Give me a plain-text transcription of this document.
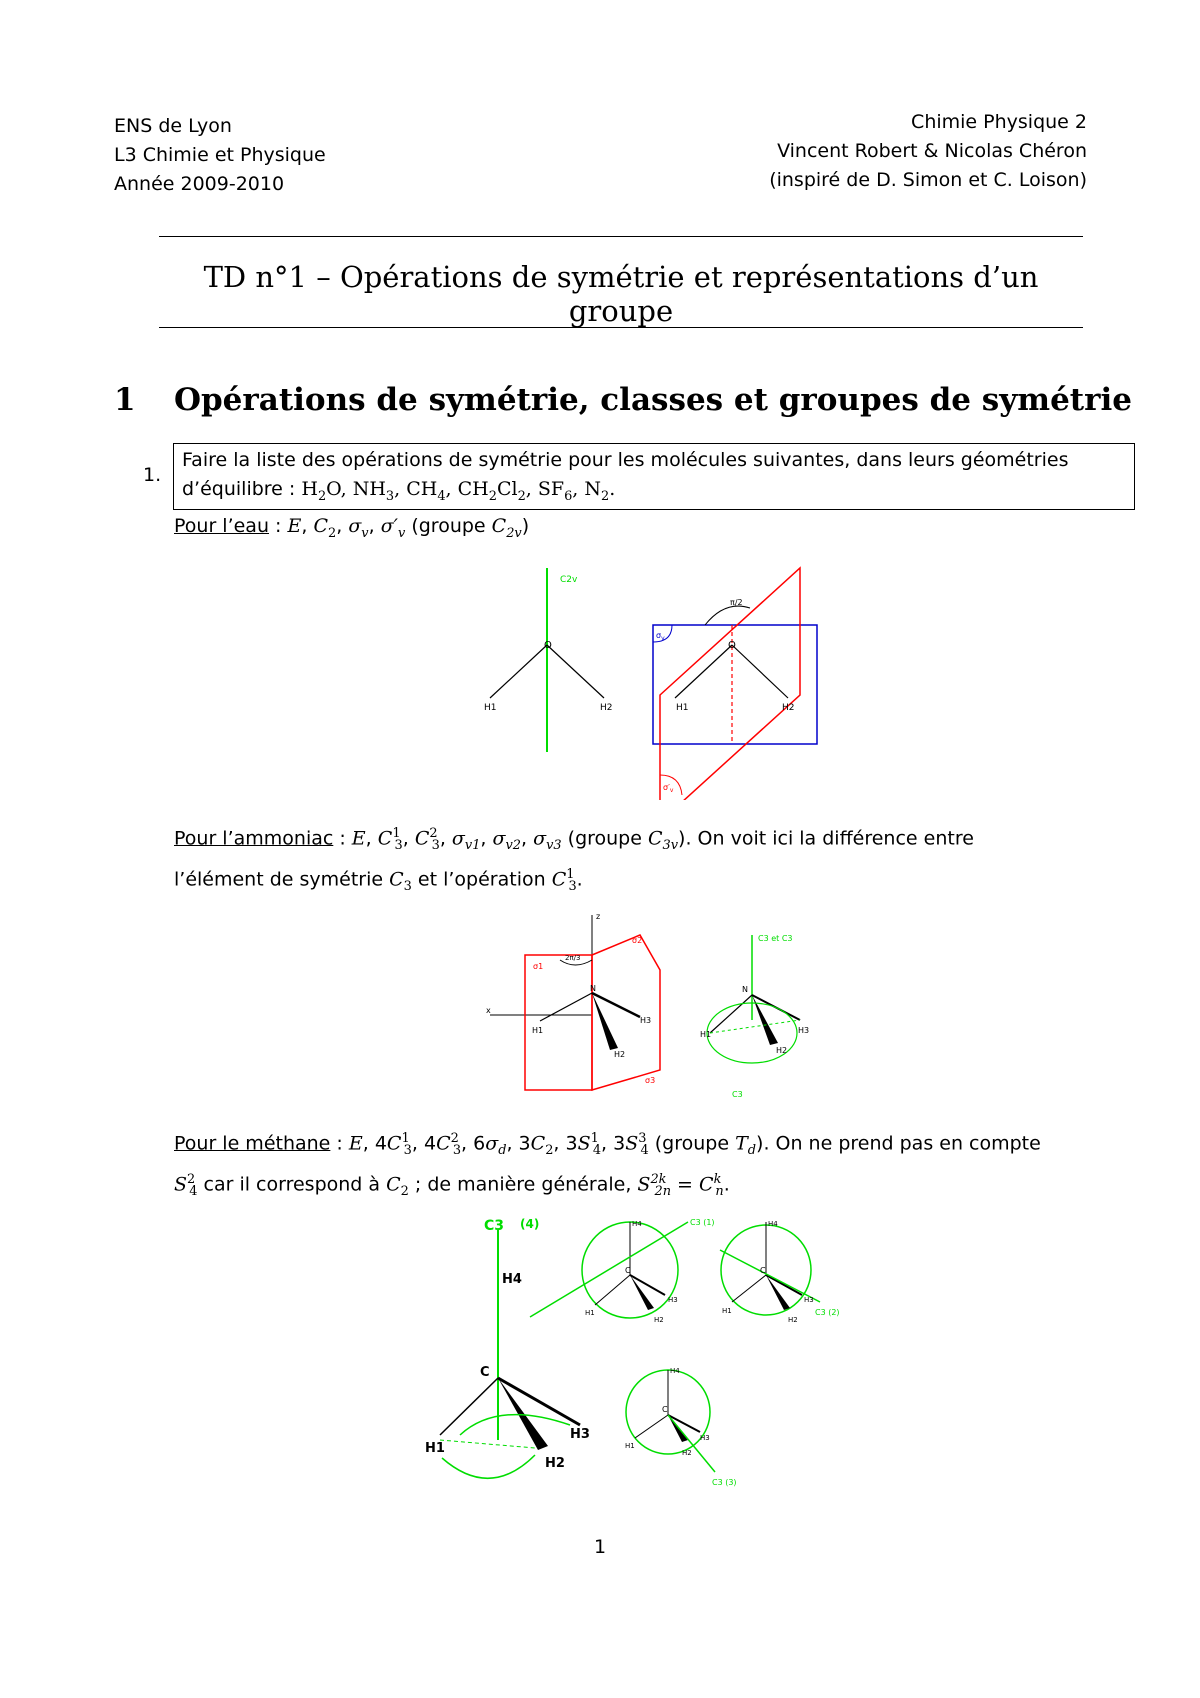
ENS de Lyon
L3 Chimie et Physique
Année 2009-2010
Chimie Physique 2
Vincent Robert & Nicolas Chéron
(inspiré de D. Simon et C. Loison)
TD n°1 – Opérations de symétrie et représentations d’un groupe
1 Opérations de symétrie, classes et groupes de symétrie
1.
Faire la liste des opérations de symétrie pour les molécules suivantes, dans leurs géométries
d’équilibre : $H_2O$, $NH_3$, $CH_4$, $CH_2Cl_2$, $SF_6$, $N_2$.
Pour l’eau : E, $C_2$, $\sigma_v$, $\sigma'_v$ (groupe $C_{2v}$)
C2v
O
H1	H2
$\sigma_v$
$\sigma'_v$
π/2
O
H1	H2
Pour l’ammoniac : E, $C^1_3$, $C^2_3$, $\sigma_{v1}$, $\sigma_{v2}$, $\sigma_{v3}$ (groupe $C_{3v}$). On voit ici la différence entre
l’élément de symétrie $C_3$ et l’opération $C^1_3$.
z
x
σ1
σ2
σ3
2π/3
N
H1
H2
H3
C3 et C3
N
H1
H2
H3
C3
Pour le méthane : E, $4C^1_3$, $4C^2_3$, $6\sigma_d$, $3C_2$, $3S^1_4$, $3S^3_4$ (groupe $T_d$). On ne prend pas en compte
$S^2_4$ car il correspond à $C_2$ ; de manière générale, $S^{2k}_{2n} = C^k_n$.
C3 (4)
H4
C
H1
H3
H2
C3 (1)
C
H4
H1
H3
H2
C3 (2)
C
H4
H1
H3
H2
C3 (3)
C
H4
H1
H3
H2
1
